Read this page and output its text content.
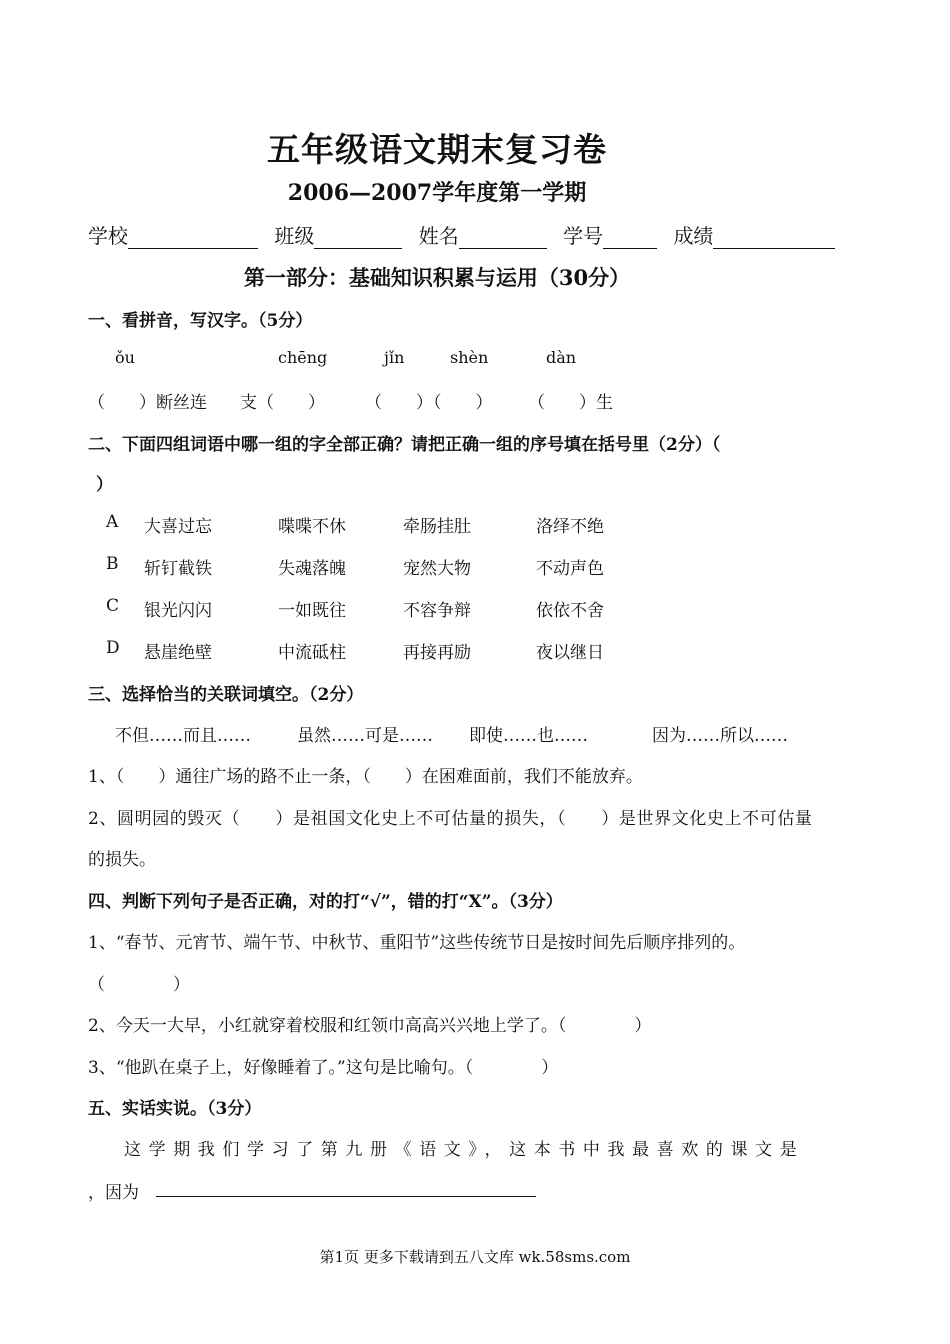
五年级语文期末复习卷
2006—2007学年度第一学期
学校	班级	姓名	学号	成绩
第一部分：基础知识积累与运用（30分）
一、看拼音，写汉字。（5分）
ǒu	chēng	jǐn	shèn	dàn
（　　）断丝连 支（　　） （　　）（　　） （　　）生
二、下面四组词语中哪一组的字全部正确？请把正确一组的序号填在括号里（2分）（
）
A 大喜过忘	喋喋不休	牵肠挂肚	洛绎不绝
B 斩钉截铁	失魂落魄	宠然大物	不动声色
C 银光闪闪	一如既往	不容争辩	依依不舍
D 悬崖绝壁	中流砥柱	再接再励	夜以继日
三、选择恰当的关联词填空。（2分）
不但……而且……	虽然……可是…… 即使……也……	因为……所以……
1、（　　）通往广场的路不止一条，（　　）在困难面前，我们不能放弃。
2、圆明园的毁灭（　　）是祖国文化史上不可估量的损失，（　　）是世界文化史上不可估量
的损失。
四、判断下列句子是否正确，对的打“√”，错的打“X”。（3分）
1、“春节、元宵节、端午节、中秋节、重阳节”这些传统节日是按时间先后顺序排列的。
（　　　　）
2、今天一大早，小红就穿着校服和红领巾高高兴兴地上学了。（　　　　）
3、“他趴在桌子上，好像睡着了。”这句是比喻句。（　　　　）
五、实话实说。（3分）
这学期我们学习了第九册《语文》，这本书中我最喜欢的课文是
，因为
第1页 更多下载请到五八文库 wk.58sms.com
